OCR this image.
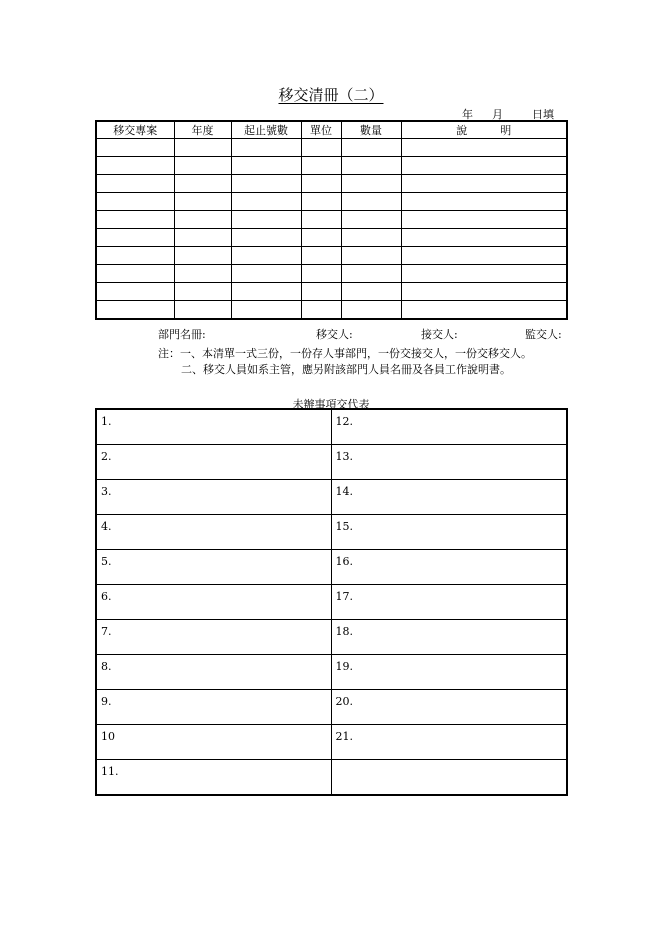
移交清冊（二）
年 月	日填
移交專案	年度	起止號數	單位	數量	說　　　明

部門名冊:	移交人:	接交人:	監交人:
注：一、本清單一式三份，一份存人事部門，一份交接交人，一份交移交人。
二、移交人員如系主管，應另附該部門人員名冊及各員工作說明書。
未辦事項交代表
1.	12.
2.	13.
3.	14.
4.	15.
5.	16.
6.	17.
7.	18.
8.	19.
9.	20.
10	21.
11.	
